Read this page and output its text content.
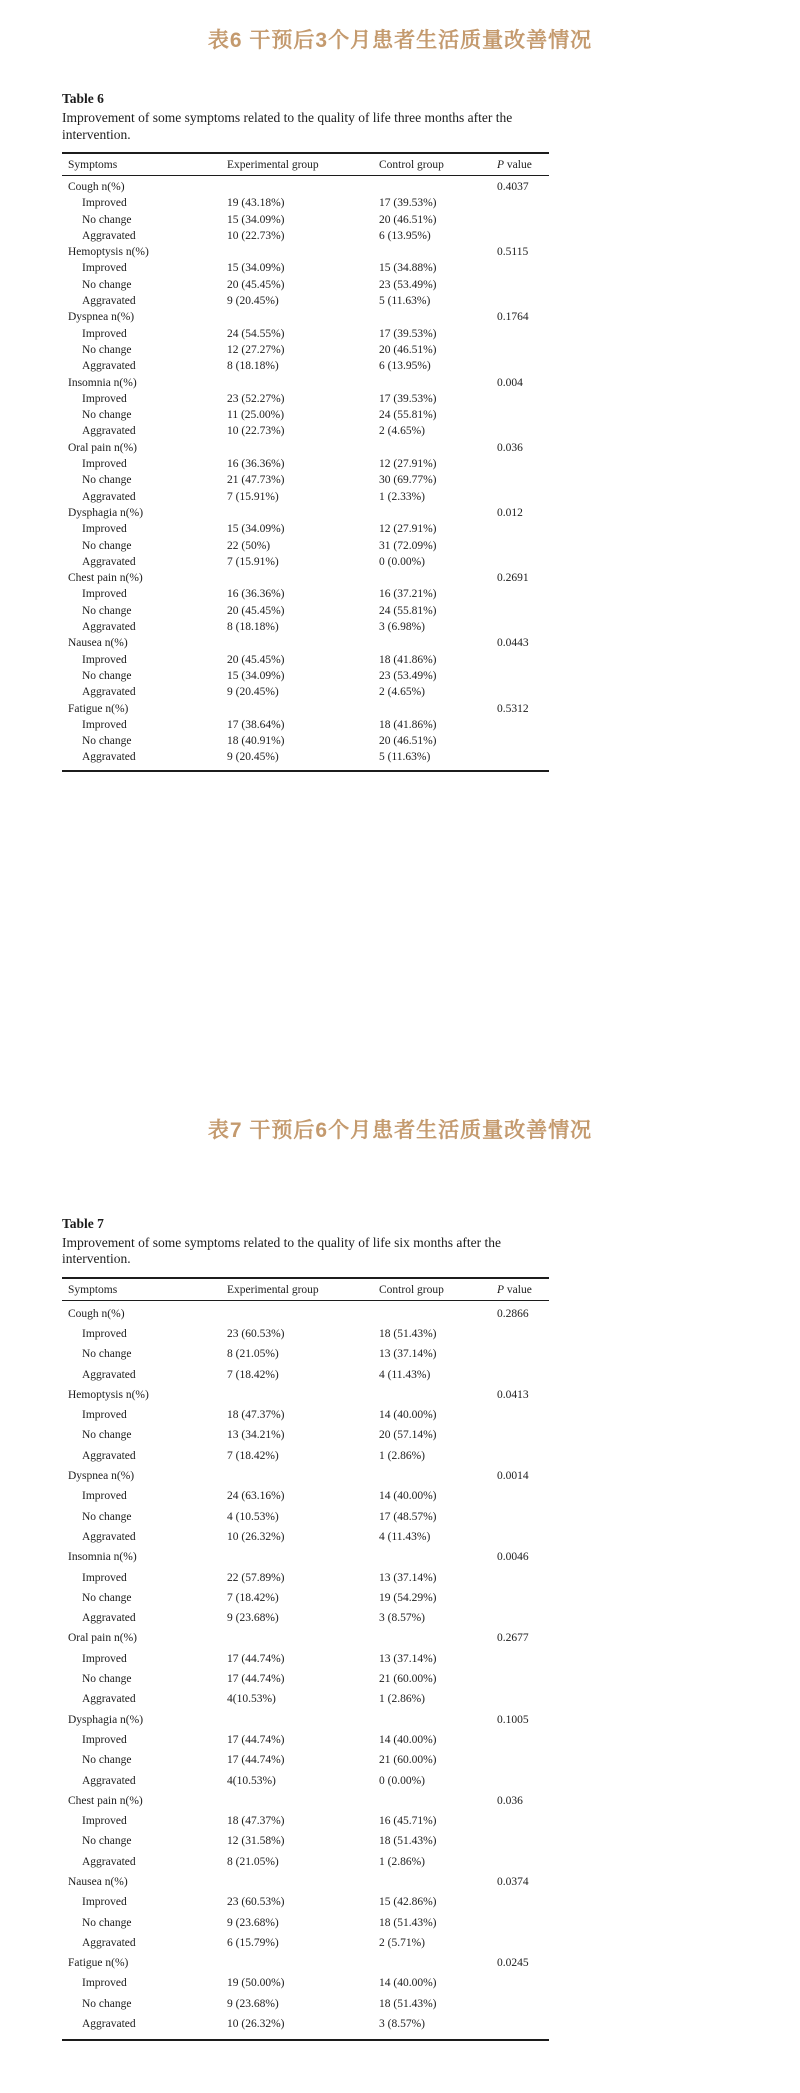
表6 干预后3个月患者生活质量改善情况

Table 6

Improvement of some symptoms related to the quality of life three months after the intervention.

Symptoms	Experimental group	Control group	P value
Cough n(%)			0.4037
Improved	19 (43.18%)	17 (39.53%)	
No change	15 (34.09%)	20 (46.51%)	
Aggravated	10 (22.73%)	6 (13.95%)	
Hemoptysis n(%)			0.5115
Improved	15 (34.09%)	15 (34.88%)	
No change	20 (45.45%)	23 (53.49%)	
Aggravated	9 (20.45%)	5 (11.63%)	
Dyspnea n(%)			0.1764
Improved	24 (54.55%)	17 (39.53%)	
No change	12 (27.27%)	20 (46.51%)	
Aggravated	8 (18.18%)	6 (13.95%)	
Insomnia n(%)			0.004
Improved	23 (52.27%)	17 (39.53%)	
No change	11 (25.00%)	24 (55.81%)	
Aggravated	10 (22.73%)	2 (4.65%)	
Oral pain n(%)			0.036
Improved	16 (36.36%)	12 (27.91%)	
No change	21 (47.73%)	30 (69.77%)	
Aggravated	7 (15.91%)	1 (2.33%)	
Dysphagia n(%)			0.012
Improved	15 (34.09%)	12 (27.91%)	
No change	22 (50%)	31 (72.09%)	
Aggravated	7 (15.91%)	0 (0.00%)	
Chest pain n(%)			0.2691
Improved	16 (36.36%)	16 (37.21%)	
No change	20 (45.45%)	24 (55.81%)	
Aggravated	8 (18.18%)	3 (6.98%)	
Nausea n(%)			0.0443
Improved	20 (45.45%)	18 (41.86%)	
No change	15 (34.09%)	23 (53.49%)	
Aggravated	9 (20.45%)	2 (4.65%)	
Fatigue n(%)			0.5312
Improved	17 (38.64%)	18 (41.86%)	
No change	18 (40.91%)	20 (46.51%)	
Aggravated	9 (20.45%)	5 (11.63%)	
表7 干预后6个月患者生活质量改善情况

Table 7

Improvement of some symptoms related to the quality of life six months after the intervention.

Symptoms	Experimental group	Control group	P value
Cough n(%)			0.2866
Improved	23 (60.53%)	18 (51.43%)	
No change	8 (21.05%)	13 (37.14%)	
Aggravated	7 (18.42%)	4 (11.43%)	
Hemoptysis n(%)			0.0413
Improved	18 (47.37%)	14 (40.00%)	
No change	13 (34.21%)	20 (57.14%)	
Aggravated	7 (18.42%)	1 (2.86%)	
Dyspnea n(%)			0.0014
Improved	24 (63.16%)	14 (40.00%)	
No change	4 (10.53%)	17 (48.57%)	
Aggravated	10 (26.32%)	4 (11.43%)	
Insomnia n(%)			0.0046
Improved	22 (57.89%)	13 (37.14%)	
No change	7 (18.42%)	19 (54.29%)	
Aggravated	9 (23.68%)	3 (8.57%)	
Oral pain n(%)			0.2677
Improved	17 (44.74%)	13 (37.14%)	
No change	17 (44.74%)	21 (60.00%)	
Aggravated	4(10.53%)	1 (2.86%)	
Dysphagia n(%)			0.1005
Improved	17 (44.74%)	14 (40.00%)	
No change	17 (44.74%)	21 (60.00%)	
Aggravated	4(10.53%)	0 (0.00%)	
Chest pain n(%)			0.036
Improved	18 (47.37%)	16 (45.71%)	
No change	12 (31.58%)	18 (51.43%)	
Aggravated	8 (21.05%)	1 (2.86%)	
Nausea n(%)			0.0374
Improved	23 (60.53%)	15 (42.86%)	
No change	9 (23.68%)	18 (51.43%)	
Aggravated	6 (15.79%)	2 (5.71%)	
Fatigue n(%)			0.0245
Improved	19 (50.00%)	14 (40.00%)	
No change	9 (23.68%)	18 (51.43%)	
Aggravated	10 (26.32%)	3 (8.57%)	
